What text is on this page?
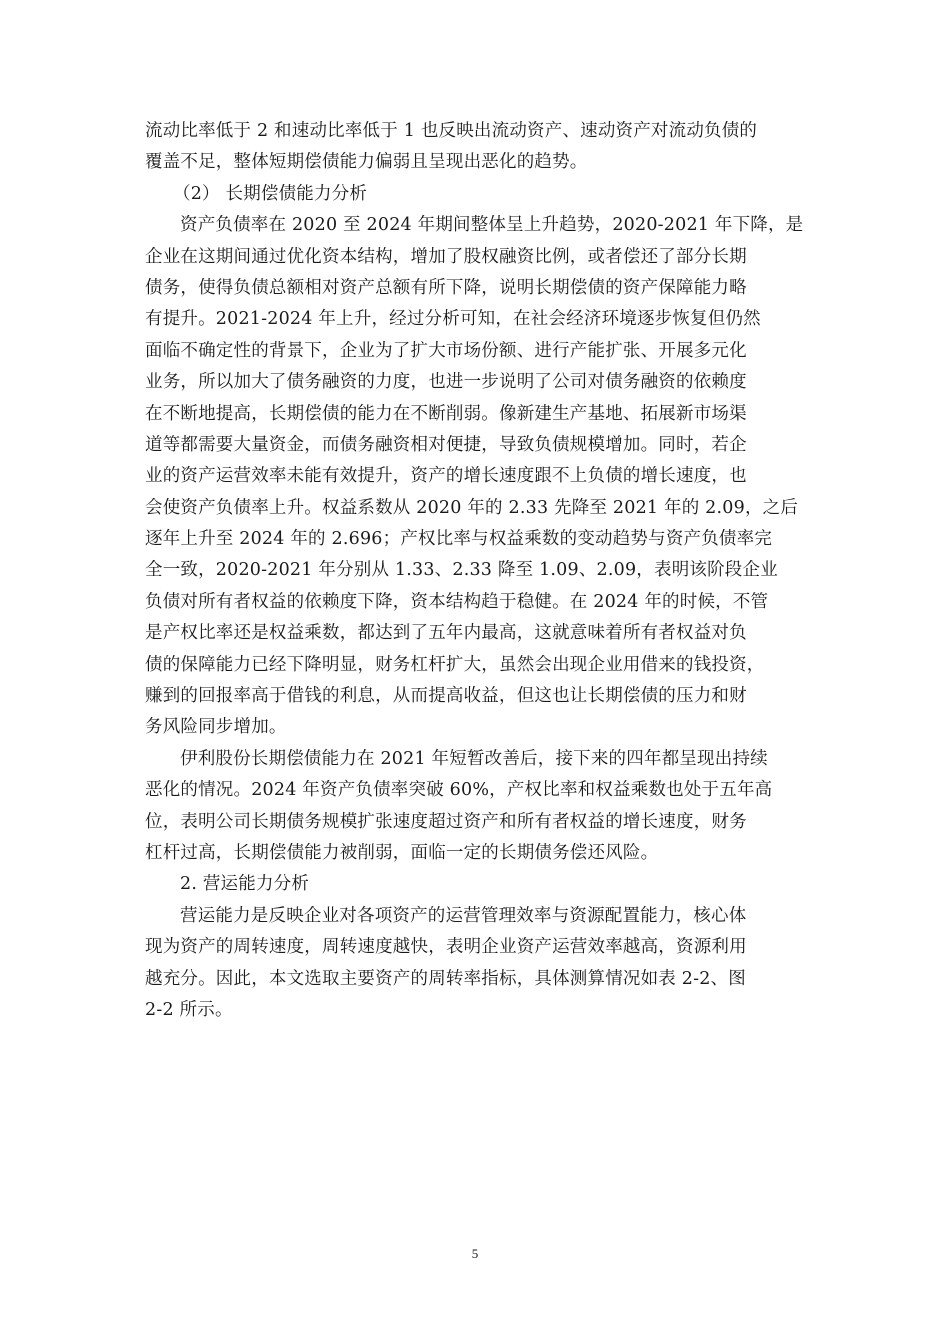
流动比率低于 2 和速动比率低于 1 也反映出流动资产、速动资产对流动负债的
覆盖不足，整体短期偿债能力偏弱且呈现出恶化的趋势。
（2） 长期偿债能力分析
资产负债率在 2020 至 2024 年期间整体呈上升趋势，2020-2021 年下降，是
企业在这期间通过优化资本结构，增加了股权融资比例，或者偿还了部分长期
债务，使得负债总额相对资产总额有所下降，说明长期偿债的资产保障能力略
有提升。2021-2024 年上升，经过分析可知，在社会经济环境逐步恢复但仍然
面临不确定性的背景下，企业为了扩大市场份额、进行产能扩张、开展多元化
业务，所以加大了债务融资的力度，也进一步说明了公司对债务融资的依赖度
在不断地提高，长期偿债的能力在不断削弱。像新建生产基地、拓展新市场渠
道等都需要大量资金，而债务融资相对便捷，导致负债规模增加。同时，若企
业的资产运营效率未能有效提升，资产的增长速度跟不上负债的增长速度，也
会使资产负债率上升。权益系数从 2020 年的 2.33 先降至 2021 年的 2.09，之后
逐年上升至 2024 年的 2.696；产权比率与权益乘数的变动趋势与资产负债率完
全一致，2020-2021 年分别从 1.33、2.33 降至 1.09、2.09，表明该阶段企业
负债对所有者权益的依赖度下降，资本结构趋于稳健。在 2024 年的时候，不管
是产权比率还是权益乘数，都达到了五年内最高，这就意味着所有者权益对负
债的保障能力已经下降明显，财务杠杆扩大，虽然会出现企业用借来的钱投资，
赚到的回报率高于借钱的利息，从而提高收益，但这也让长期偿债的压力和财
务风险同步增加。
伊利股份长期偿债能力在 2021 年短暂改善后，接下来的四年都呈现出持续
恶化的情况。2024 年资产负债率突破 60%，产权比率和权益乘数也处于五年高
位，表明公司长期债务规模扩张速度超过资产和所有者权益的增长速度，财务
杠杆过高，长期偿债能力被削弱，面临一定的长期债务偿还风险。
2. 营运能力分析
营运能力是反映企业对各项资产的运营管理效率与资源配置能力，核心体
现为资产的周转速度，周转速度越快，表明企业资产运营效率越高，资源利用
越充分。因此，本文选取主要资产的周转率指标，具体测算情况如表 2-2、图
2-2 所示。
5
